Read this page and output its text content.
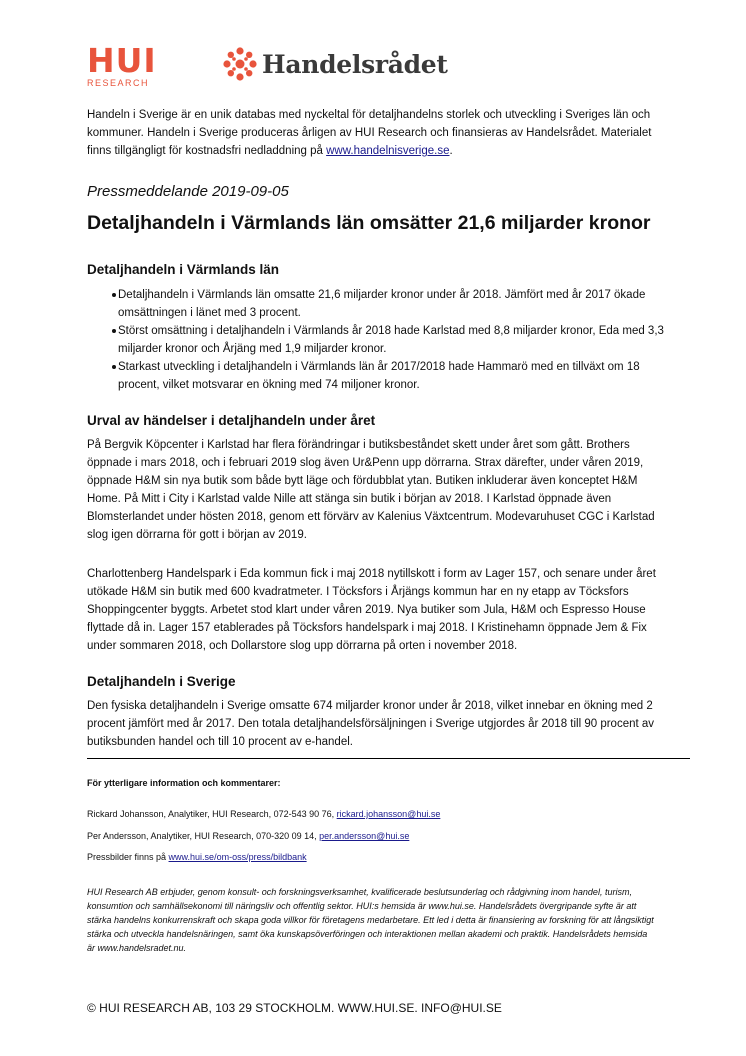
HUI
RESEARCH
Handelsrådet
Handeln i Sverige är en unik databas med nyckeltal för detaljhandelns storlek och utveckling i Sveriges län och kommuner. Handeln i Sverige produceras årligen av HUI Research och finansieras av Handelsrådet. Materialet finns tillgängligt för kostnadsfri nedladdning på www.handelnisverige.se.
Pressmeddelande 2019-09-05
Detaljhandeln i Värmlands län omsätter 21,6 miljarder kronor
Detaljhandeln i Värmlands län
Detaljhandeln i Värmlands län omsatte 21,6 miljarder kronor under år 2018. Jämfört med år 2017 ökade omsättningen i länet med 3 procent.
Störst omsättning i detaljhandeln i Värmlands år 2018 hade Karlstad med 8,8 miljarder kronor, Eda med 3,3 miljarder kronor och Årjäng med 1,9 miljarder kronor.
Starkast utveckling i detaljhandeln i Värmlands län år 2017/2018 hade Hammarö med en tillväxt om 18 procent, vilket motsvarar en ökning med 74 miljoner kronor.
Urval av händelser i detaljhandeln under året
På Bergvik Köpcenter i Karlstad har flera förändringar i butiksbeståndet skett under året som gått. Brothers öppnade i mars 2018, och i februari 2019 slog även Ur&Penn upp dörrarna. Strax därefter, under våren 2019, öppnade H&M sin nya butik som både bytt läge och fördubblat ytan. Butiken inkluderar även konceptet H&M Home. På Mitt i City i Karlstad valde Nille att stänga sin butik i början av 2018. I Karlstad öppnade även Blomsterlandet under hösten 2018, genom ett förvärv av Kalenius Växtcentrum. Modevaruhuset CGC i Karlstad slog igen dörrarna för gott i början av 2019.
Charlottenberg Handelspark i Eda kommun fick i maj 2018 nytillskott i form av Lager 157, och senare under året utökade H&M sin butik med 600 kvadratmeter. I Töcksfors i Årjängs kommun har en ny etapp av Töcksfors Shoppingcenter byggts. Arbetet stod klart under våren 2019. Nya butiker som Jula, H&M och Espresso House flyttade då in. Lager 157 etablerades på Töcksfors handelspark i maj 2018. I Kristinehamn öppnade Jem & Fix under sommaren 2018, och Dollarstore slog upp dörrarna på orten i november 2018.
Detaljhandeln i Sverige
Den fysiska detaljhandeln i Sverige omsatte 674 miljarder kronor under år 2018, vilket innebar en ökning med 2 procent jämfört med år 2017. Den totala detaljhandelsförsäljningen i Sverige utgjordes år 2018 till 90 procent av butiksbunden handel och till 10 procent av e-handel.
För ytterligare information och kommentarer:
Rickard Johansson, Analytiker, HUI Research, 072-543 90 76, rickard.johansson@hui.se
Per Andersson, Analytiker, HUI Research, 070-320 09 14, per.andersson@hui.se
Pressbilder finns på www.hui.se/om-oss/press/bildbank
HUI Research AB erbjuder, genom konsult- och forskningsverksamhet, kvalificerade beslutsunderlag och rådgivning inom handel, turism, konsumtion och samhällsekonomi till näringsliv och offentlig sektor. HUI:s hemsida är www.hui.se. Handelsrådets övergripande syfte är att stärka handelns konkurrenskraft och skapa goda villkor för företagens medarbetare. Ett led i detta är finansiering av forskning för att långsiktigt stärka och utveckla handelsnäringen, samt öka kunskapsöverföringen och interaktionen mellan akademi och praktik. Handelsrådets hemsida är www.handelsradet.nu.
© HUI RESEARCH AB, 103 29 STOCKHOLM. WWW.HUI.SE. INFO@HUI.SE
